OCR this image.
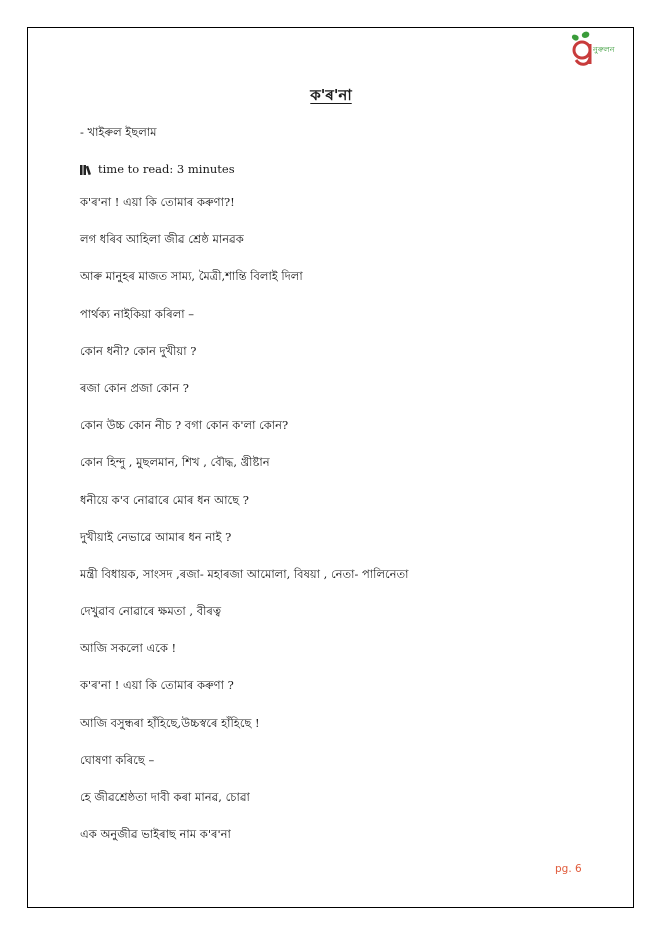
নুৰুলন
ক'ৰ'না
- খাইৰুল ইছলাম
time to read: 3 minutes
ক'ৰ'না ! এয়া কি তোমাৰ কৰুণা?!
লগ ধৰিব আহিলা জীৱ শ্ৰেষ্ঠ মানৱক
আৰু মানুহৰ মাজত সাম্য, মৈত্ৰী,শান্তি বিলাই দিলা
পাৰ্থক্য নাইকিয়া কৰিলা –
কোন ধনী? কোন দুখীয়া ?
ৰজা কোন প্ৰজা কোন ?
কোন উচ্চ কোন নীচ ? বগা কোন ক'লা কোন?
কোন হিন্দু , মুছলমান, শিখ , বৌদ্ধ, খ্ৰীষ্টান
ধনীয়ে ক'ব নোৱাৰে মোৰ ধন আছে ?
দুখীয়াই নেভাৱে আমাৰ ধন নাই ?
মন্ত্ৰী বিধায়ক, সাংসদ ,ৰজা- মহাৰজা আমোলা, বিষয়া , নেতা- পালিনেতা
দেখুৱাব নোৱাৰে ক্ষমতা , বীৰত্ব
আজি সকলো একে !
ক'ৰ'না ! এয়া কি তোমাৰ কৰুণা ?
আজি বসুন্ধৰা হাঁহিছে,উচ্চস্বৰে হাঁহিছে !
ঘোষণা কৰিছে –
হে জীৱশ্ৰেষ্ঠতা দাবী কৰা মানৱ, চোৱা
এক অনুজীৱ ভাইৰাছ নাম ক'ৰ'না
pg. 6
